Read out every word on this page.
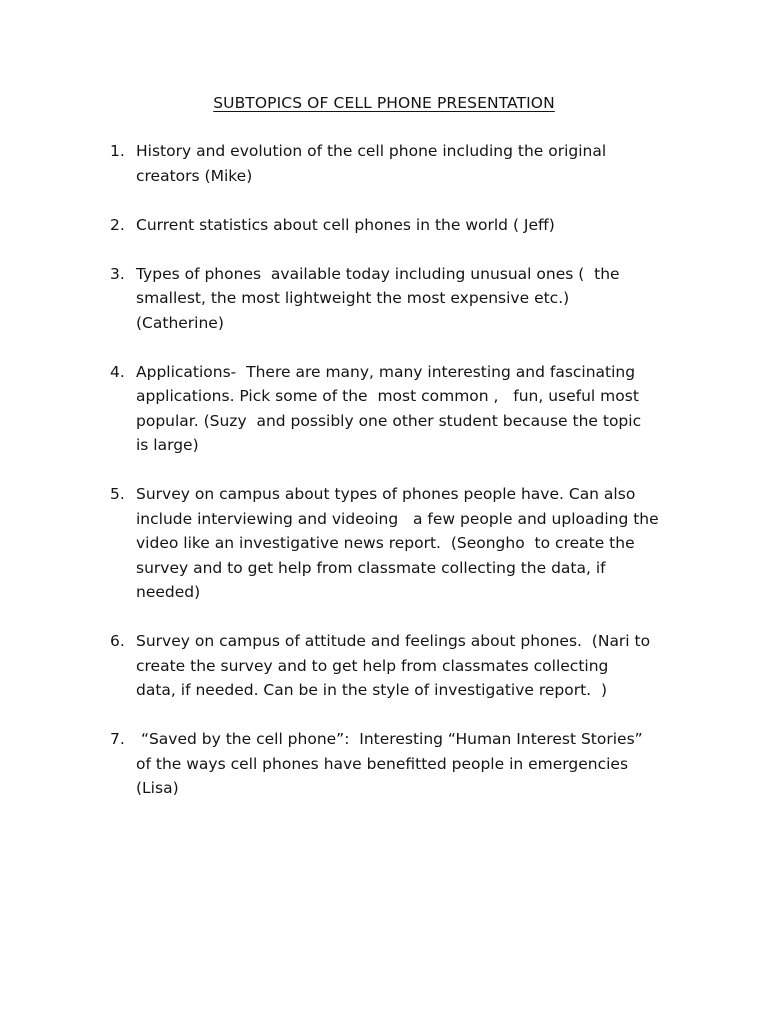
SUBTOPICS OF CELL PHONE PRESENTATION
1. History and evolution of the cell phone including the original
creators (Mike)
2. Current statistics about cell phones in the world ( Jeff)
3. Types of phones  available today including unusual ones (  the
smallest, the most lightweight the most expensive etc.)
(Catherine)
4. Applications-  There are many, many interesting and fascinating
applications. Pick some of the  most common ,   fun, useful most
popular. (Suzy  and possibly one other student because the topic
is large)
5. Survey on campus about types of phones people have. Can also
include interviewing and videoing   a few people and uploading the
video like an investigative news report.  (Seongho  to create the
survey and to get help from classmate collecting the data, if
needed)
6. Survey on campus of attitude and feelings about phones.  (Nari to
create the survey and to get help from classmates collecting
data, if needed. Can be in the style of investigative report.  )
7. “Saved by the cell phone”:  Interesting “Human Interest Stories”
of the ways cell phones have benefitted people in emergencies
(Lisa)
